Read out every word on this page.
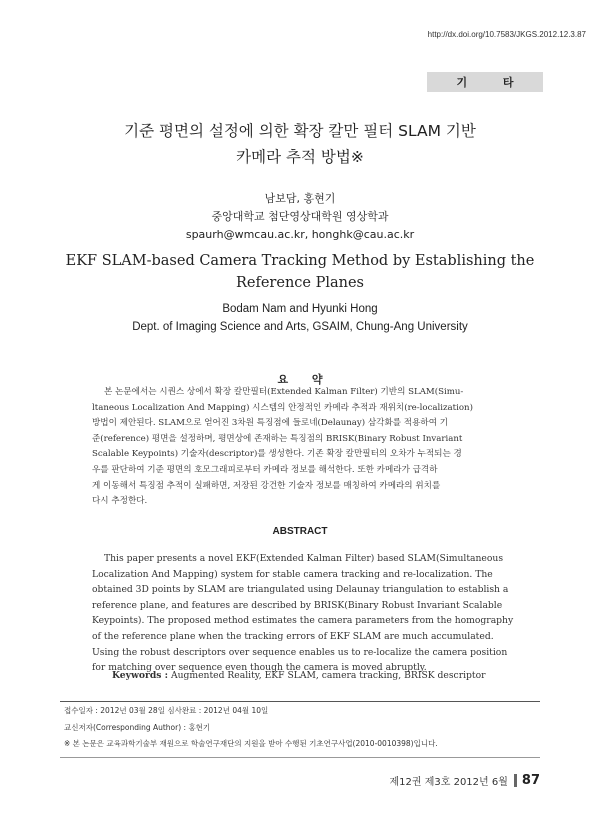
http://dx.doi.org/10.7583/JKGS.2012.12.3.87
기 타
기준 평면의 설정에 의한 확장 칼만 필터 SLAM 기반
카메라 추적 방법※
남보담, 홍현기
중앙대학교 첨단영상대학원 영상학과
spaurh@wmcau.ac.kr, honghk@cau.ac.kr
EKF SLAM-based Camera Tracking Method by Establishing the Reference Planes
Bodam Nam and Hyunki Hong
Dept. of Imaging Science and Arts, GSAIM, Chung-Ang University
요 약
본 논문에서는 시퀀스 상에서 확장 칼만필터(Extended Kalman Filter) 기반의 SLAM(Simu-
ltaneous Localization And Mapping) 시스템의 안정적인 카메라 추적과 재위치(re-localization)
방법이 제안된다. SLAM으로 얻어진 3차원 특징점에 들로네(Delaunay) 삼각화를 적용하여 기
준(reference) 평면을 설정하며, 평면상에 존재하는 특징점의 BRISK(Binary Robust Invariant
Scalable Keypoints) 기술자(descriptor)를 생성한다. 기존 확장 칼만필터의 오차가 누적되는 경
우를 판단하여 기준 평면의 호모그래피로부터 카메라 정보를 해석한다. 또한 카메라가 급격하
게 이동해서 특징점 추적이 실패하면, 저장된 강건한 기술자 정보를 매칭하여 카메라의 위치를
다시 추정한다.
ABSTRACT
This paper presents a novel EKF(Extended Kalman Filter) based SLAM(Simultaneous
Localization And Mapping) system for stable camera tracking and re-localization. The
obtained 3D points by SLAM are triangulated using Delaunay triangulation to establish a
reference plane, and features are described by BRISK(Binary Robust Invariant Scalable
Keypoints). The proposed method estimates the camera parameters from the homography
of the reference plane when the tracking errors of EKF SLAM are much accumulated.
Using the robust descriptors over sequence enables us to re-localize the camera position
for matching over sequence even though the camera is moved abruptly.
Keywords : Augmented Reality, EKF SLAM, camera tracking, BRISK descriptor
접수일자 : 2012년 03월 28일 심사완료 : 2012년 04월 10일
교신저자(Corresponding Author) : 홍현기
※ 본 논문은 교육과학기술부 재원으로 학술연구재단의 지원을 받아 수행된 기초연구사업(2010-0010398)입니다.
제12권 제3호 2012년 6월 87
